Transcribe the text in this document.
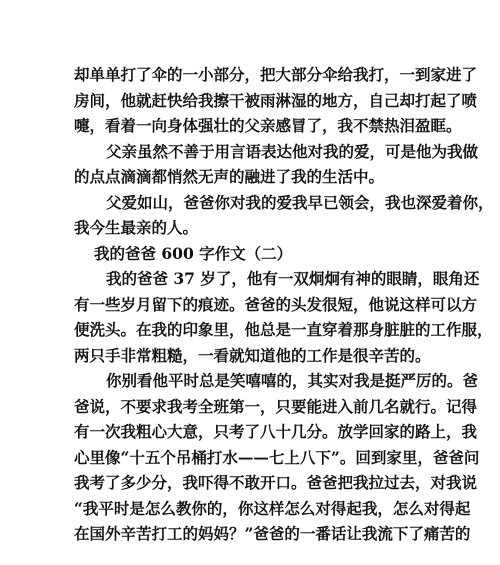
却单单打了伞的一小部分，把大部分伞给我打，一到家进了
房间，他就赶快给我擦干被雨淋湿的地方，自己却打起了喷
嚏，看着一向身体强壮的父亲感冒了，我不禁热泪盈眶。
父亲虽然不善于用言语表达他对我的爱，可是他为我做
的点点滴滴都悄然无声的融进了我的生活中。
父爱如山，爸爸你对我的爱我早已领会，我也深爱着你，
我今生最亲的人。
我的爸爸 600 字作文（二）
我的爸爸 37 岁了，他有一双炯炯有神的眼睛，眼角还
有一些岁月留下的痕迹。爸爸的头发很短，他说这样可以方
便洗头。在我的印象里，他总是一直穿着那身脏脏的工作服，
两只手非常粗糙，一看就知道他的工作是很辛苦的。
你别看他平时总是笑嘻嘻的，其实对我是挺严厉的。爸
爸说，不要求我考全班第一，只要能进入前几名就行。记得
有一次我粗心大意，只考了八十几分。放学回家的路上，我
心里像“十五个吊桶打水——七上八下”。回到家里，爸爸问
我考了多少分，我吓得不敢开口。爸爸把我拉过去，对我说
“我平时是怎么教你的，你这样怎么对得起我，怎么对得起
在国外辛苦打工的妈妈？”爸爸的一番话让我流下了痛苦的
